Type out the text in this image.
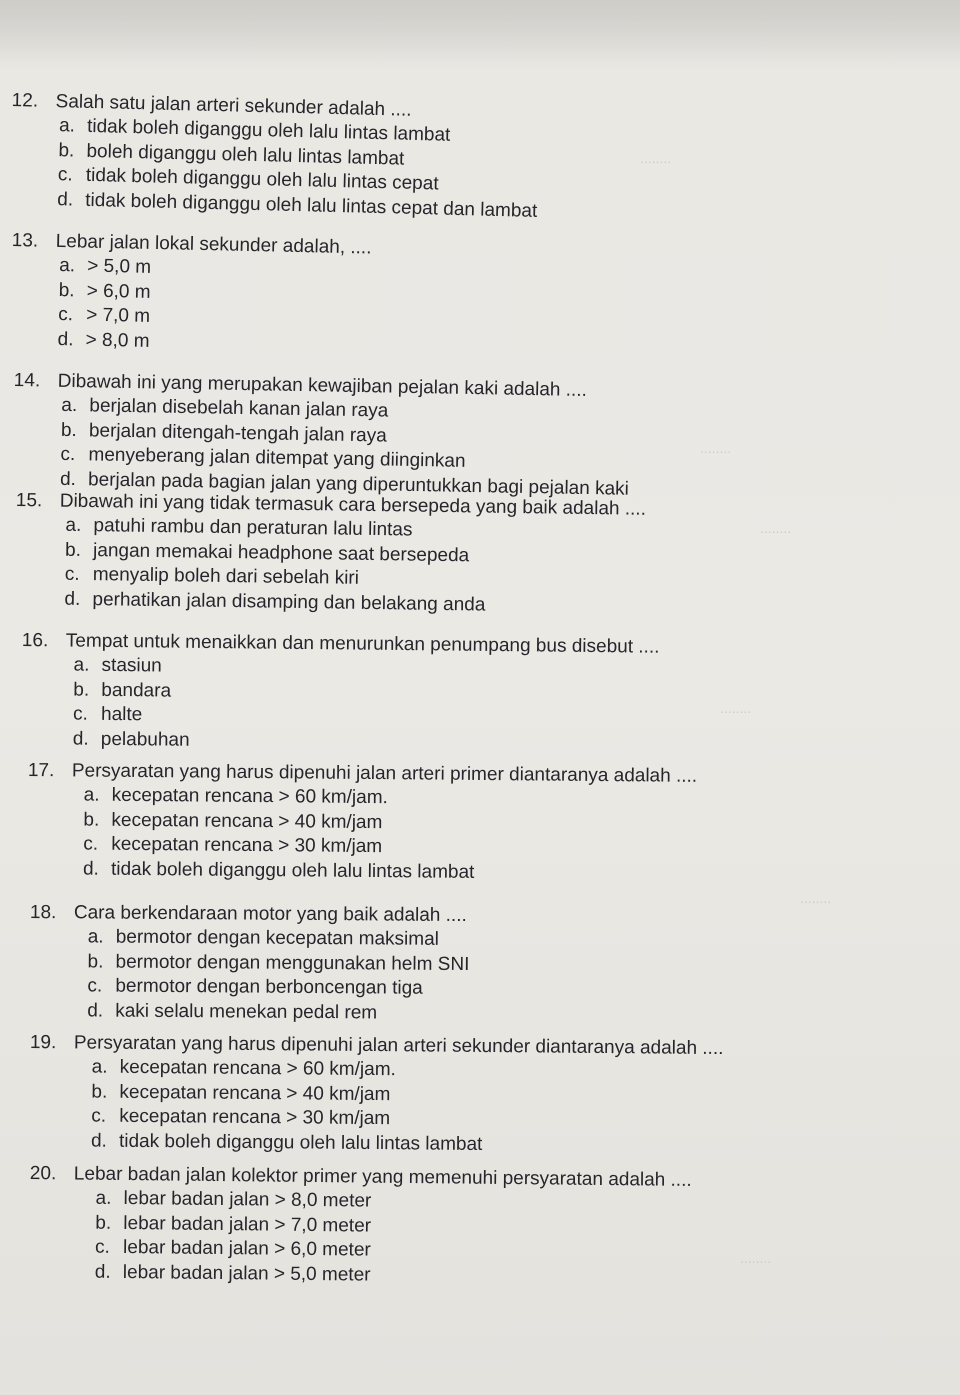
........
........
........
........
........
........
12. Salah satu jalan arteri sekunder adalah ....
a. tidak boleh diganggu oleh lalu lintas lambat
b. boleh diganggu oleh lalu lintas lambat
c. tidak boleh diganggu oleh lalu lintas cepat
d. tidak boleh diganggu oleh lalu lintas cepat dan lambat
13. Lebar jalan lokal sekunder adalah, ....
a. > 5,0 m
b. > 6,0 m
c. > 7,0 m
d. > 8,0 m
14. Dibawah ini yang merupakan kewajiban pejalan kaki adalah ....
a. berjalan disebelah kanan jalan raya
b. berjalan ditengah-tengah jalan raya
c. menyeberang jalan ditempat yang diinginkan
d. berjalan pada bagian jalan yang diperuntukkan bagi pejalan kaki
15. Dibawah ini yang tidak termasuk cara bersepeda yang baik adalah ....
a. patuhi rambu dan peraturan lalu lintas
b. jangan memakai headphone saat bersepeda
c. menyalip boleh dari sebelah kiri
d. perhatikan jalan disamping dan belakang anda
16. Tempat untuk menaikkan dan menurunkan penumpang bus disebut ....
a. stasiun
b. bandara
c. halte
d. pelabuhan
17. Persyaratan yang harus dipenuhi jalan arteri primer diantaranya adalah ....
a. kecepatan rencana > 60 km/jam.
b. kecepatan rencana > 40 km/jam
c. kecepatan rencana > 30 km/jam
d. tidak boleh diganggu oleh lalu lintas lambat
18. Cara berkendaraan motor yang baik adalah ....
a. bermotor dengan kecepatan maksimal
b. bermotor dengan menggunakan helm SNI
c. bermotor dengan berboncengan tiga
d. kaki selalu menekan pedal rem
19. Persyaratan yang harus dipenuhi jalan arteri sekunder diantaranya adalah ....
a. kecepatan rencana > 60 km/jam.
b. kecepatan rencana > 40 km/jam
c. kecepatan rencana > 30 km/jam
d. tidak boleh diganggu oleh lalu lintas lambat
20. Lebar badan jalan kolektor primer yang memenuhi persyaratan adalah ....
a. lebar badan jalan > 8,0 meter
b. lebar badan jalan > 7,0 meter
c. lebar badan jalan > 6,0 meter
d. lebar badan jalan > 5,0 meter
